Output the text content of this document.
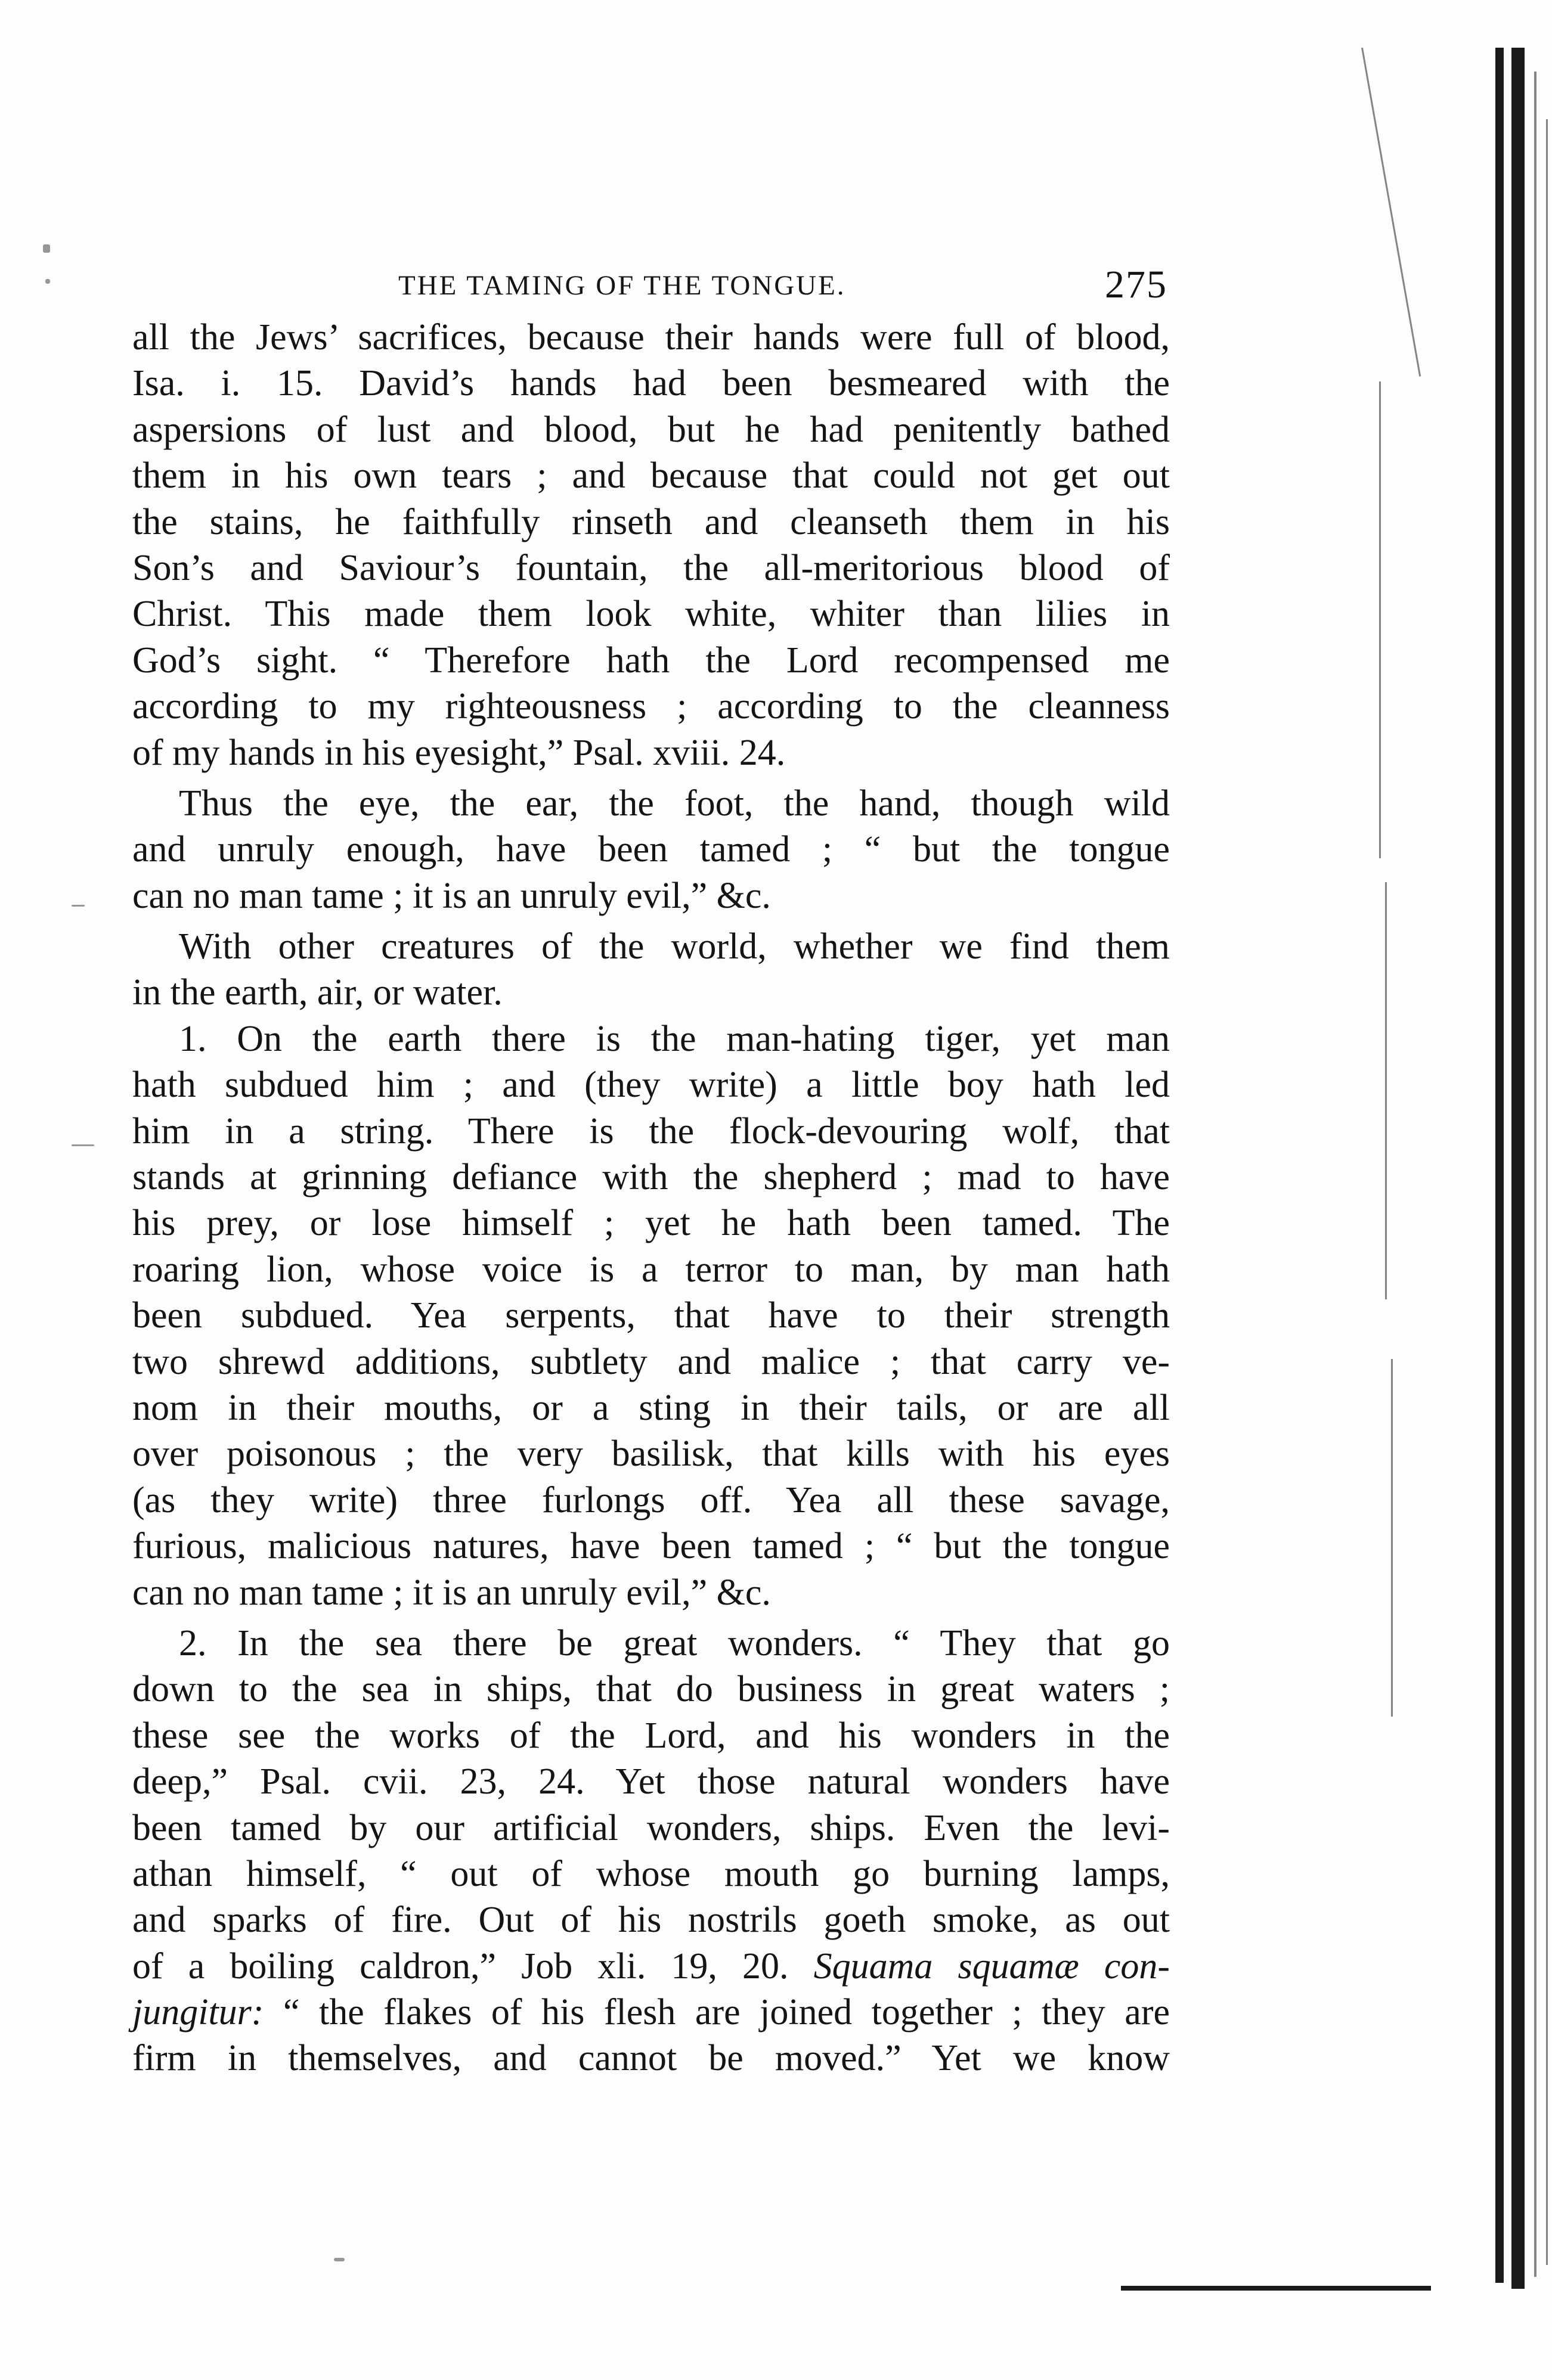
THE TAMING OF THE TONGUE.	275
all the Jews’ sacrifices, because their hands were full of blood,
Isa. i. 15. David’s hands had been besmeared with the
aspersions of lust and blood, but he had penitently bathed
them in his own tears ; and because that could not get out
the stains, he faithfully rinseth and cleanseth them in his
Son’s and Saviour’s fountain, the all-meritorious blood of
Christ. This made them look white, whiter than lilies in
God’s sight. “ Therefore hath the Lord recompensed me
according to my righteousness ; according to the cleanness
of my hands in his eyesight,” Psal. xviii. 24.
Thus the eye, the ear, the foot, the hand, though wild
and unruly enough, have been tamed ; “ but the tongue
can no man tame ; it is an unruly evil,” &c.
With other creatures of the world, whether we find them
in the earth, air, or water.
1. On the earth there is the man-hating tiger, yet man
hath subdued him ; and (they write) a little boy hath led
him in a string. There is the flock-devouring wolf, that
stands at grinning defiance with the shepherd ; mad to have
his prey, or lose himself ; yet he hath been tamed. The
roaring lion, whose voice is a terror to man, by man hath
been subdued. Yea serpents, that have to their strength
two shrewd additions, subtlety and malice ; that carry ve-
nom in their mouths, or a sting in their tails, or are all
over poisonous ; the very basilisk, that kills with his eyes
(as they write) three furlongs off. Yea all these savage,
furious, malicious natures, have been tamed ; “ but the tongue
can no man tame ; it is an unruly evil,” &c.
2. In the sea there be great wonders. “ They that go
down to the sea in ships, that do business in great waters ;
these see the works of the Lord, and his wonders in the
deep,” Psal. cvii. 23, 24. Yet those natural wonders have
been tamed by our artificial wonders, ships. Even the levi-
athan himself, “ out of whose mouth go burning lamps,
and sparks of fire. Out of his nostrils goeth smoke, as out
of a boiling caldron,” Job xli. 19, 20. Squama squamæ con-
jungitur: “ the flakes of his flesh are joined together ; they are
firm in themselves, and cannot be moved.” Yet we know
